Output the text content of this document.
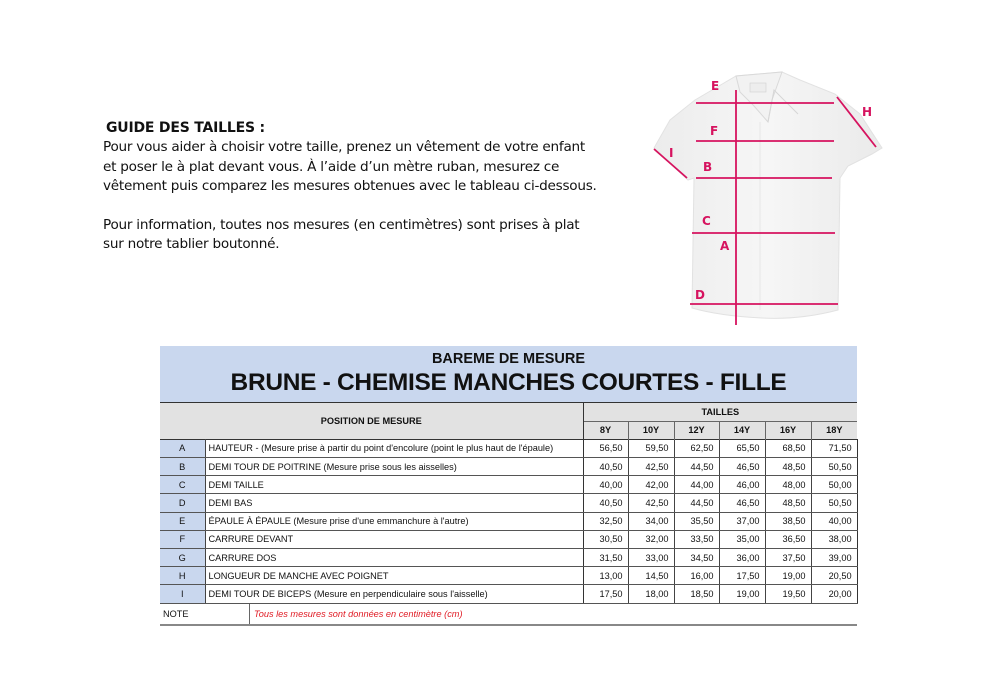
GUIDE DES TAILLES :

Pour vous aider à choisir votre taille, prenez un vêtement de votre enfant
et poser le à plat devant vous. À l’aide d’un mètre ruban, mesurez ce
vêtement puis comparez les mesures obtenues avec le tableau ci-dessous.

Pour information, toutes nos mesures (en centimètres) sont prises à plat
sur notre tablier boutonné.

E
F
B
C
A
D
H
I
BAREME DE MESURE
BRUNE - CHEMISE MANCHES COURTES - FILLE
POSITION DE MESURE		TAILLES					
		8Y	10Y	12Y	14Y	16Y	18Y
A	HAUTEUR - (Mesure prise à partir du point d'encolure (point le plus haut de l'épaule)	56,50	59,50	62,50	65,50	68,50	71,50
B	DEMI TOUR DE POITRINE (Mesure prise sous les aisselles)	40,50	42,50	44,50	46,50	48,50	50,50
C	DEMI TAILLE	40,00	42,00	44,00	46,00	48,00	50,00
D	DEMI BAS	40,50	42,50	44,50	46,50	48,50	50,50
E	ÉPAULE À ÉPAULE (Mesure prise d'une emmanchure à l'autre)	32,50	34,00	35,50	37,00	38,50	40,00
F	CARRURE DEVANT	30,50	32,00	33,50	35,00	36,50	38,00
G	CARRURE DOS	31,50	33,00	34,50	36,00	37,50	39,00
H	LONGUEUR DE MANCHE AVEC POIGNET	13,00	14,50	16,00	17,50	19,00	20,50
I	DEMI TOUR DE BICEPS (Mesure en perpendiculaire sous l'aisselle)	17,50	18,00	18,50	19,00	19,50	20,00

NOTE Tous les mesures sont données en centimètre (cm)							
